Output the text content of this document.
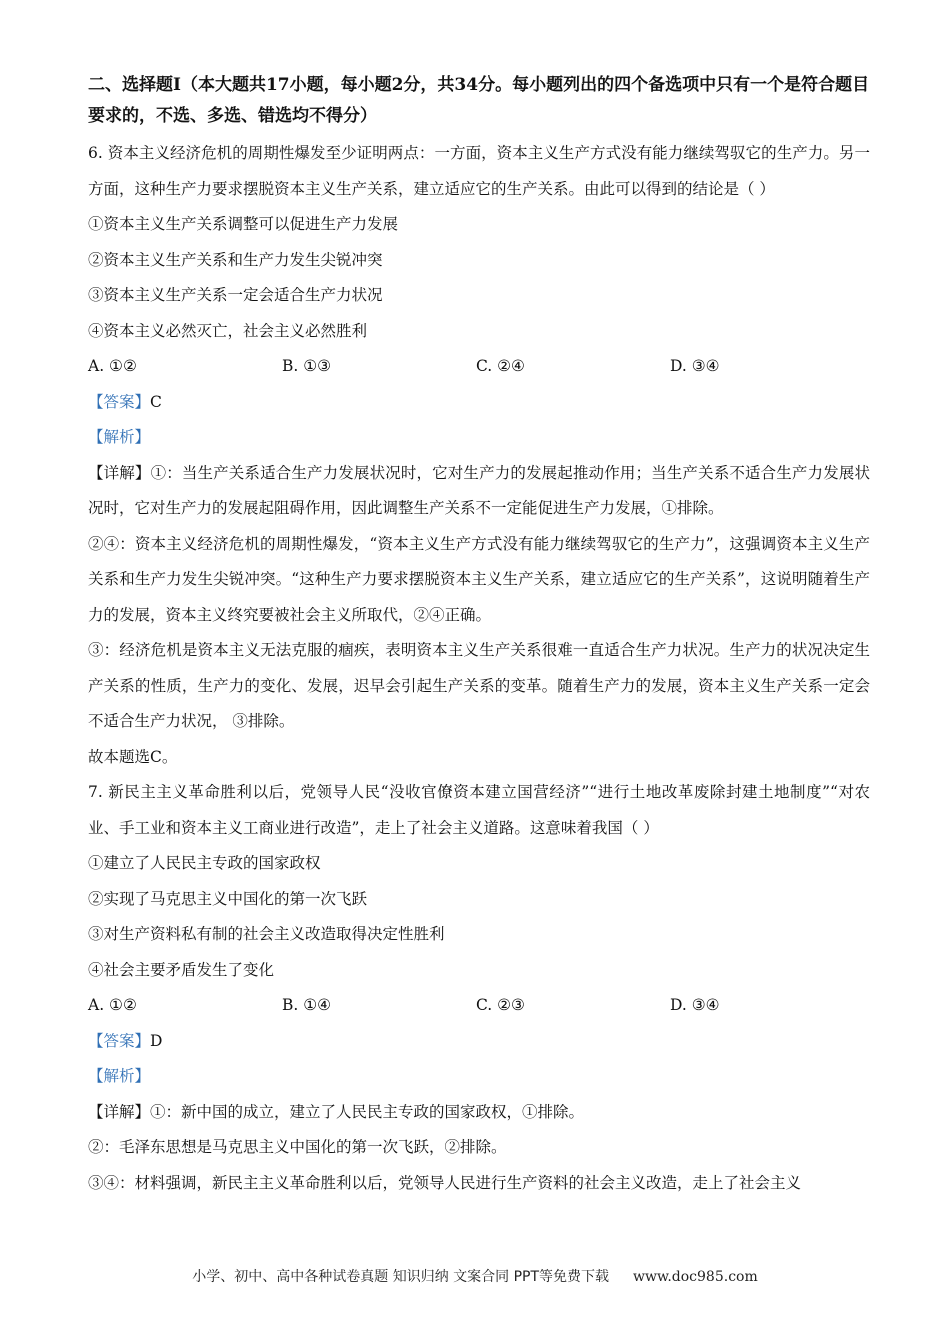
二、选择题Ⅰ（本大题共17小题，每小题2分，共34分。每小题列出的四个备选项中只有一个是符合题目要求的，不选、多选、错选均不得分）

6. 资本主义经济危机的周期性爆发至少证明两点：一方面，资本主义生产方式没有能力继续驾驭它的生产力。另一方面，这种生产力要求摆脱资本主义生产关系，建立适应它的生产关系。由此可以得到的结论是（ ）

①资本主义生产关系调整可以促进生产力发展

②资本主义生产关系和生产力发生尖锐冲突

③资本主义生产关系一定会适合生产力状况

④资本主义必然灭亡，社会主义必然胜利

A. ①②	B. ①③	C. ②④	D. ③④

【答案】C

【解析】

【详解】①：当生产关系适合生产力发展状况时，它对生产力的发展起推动作用；当生产关系不适合生产力发展状况时，它对生产力的发展起阻碍作用，因此调整生产关系不一定能促进生产力发展，①排除。

②④：资本主义经济危机的周期性爆发，“资本主义生产方式没有能力继续驾驭它的生产力”，这强调资本主义生产关系和生产力发生尖锐冲突。“这种生产力要求摆脱资本主义生产关系，建立适应它的生产关系”，这说明随着生产力的发展，资本主义终究要被社会主义所取代，②④正确。

③：经济危机是资本主义无法克服的痼疾，表明资本主义生产关系很难一直适合生产力状况。生产力的状况决定生产关系的性质，生产力的变化、发展，迟早会引起生产关系的变革。随着生产力的发展，资本主义生产关系一定会不适合生产力状况， ③排除。

故本题选C。

7. 新民主主义革命胜利以后，党领导人民“没收官僚资本建立国营经济”“进行土地改革废除封建土地制度”“对农业、手工业和资本主义工商业进行改造”，走上了社会主义道路。这意味着我国（ ）

①建立了人民民主专政的国家政权

②实现了马克思主义中国化的第一次飞跃

③对生产资料私有制的社会主义改造取得决定性胜利

④社会主要矛盾发生了变化

A. ①②	B. ①④	C. ②③	D. ③④

【答案】D

【解析】

【详解】①：新中国的成立，建立了人民民主专政的国家政权，①排除。

②：毛泽东思想是马克思主义中国化的第一次飞跃，②排除。

③④：材料强调，新民主主义革命胜利以后，党领导人民进行生产资料的社会主义改造，走上了社会主义

小学、初中、高中各种试卷真题 知识归纳 文案合同 PPT等免费下载 www.doc985.com
